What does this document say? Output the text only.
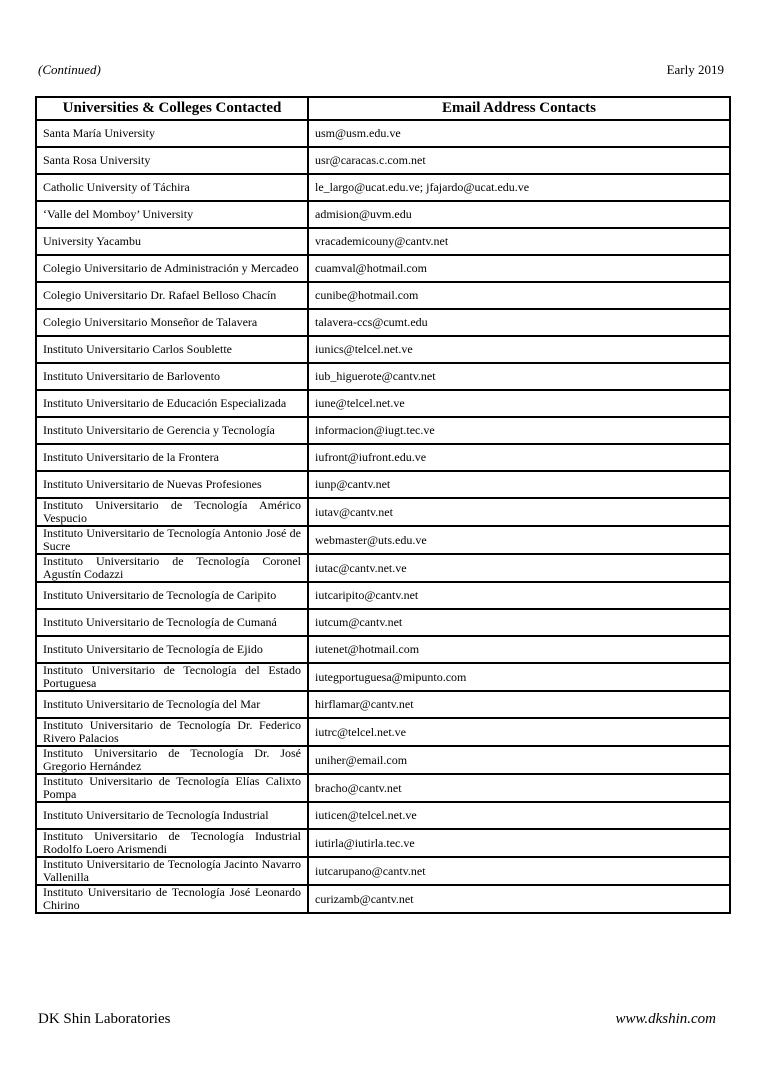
(Continued)	Early 2019
Universities & Colleges Contacted	Email Address Contacts
Santa María University	usm@usm.edu.ve
Santa Rosa University	usr@caracas.c.com.net
Catholic University of Táchira	le_largo@ucat.edu.ve; jfajardo@ucat.edu.ve
‘Valle del Momboy’ University	admision@uvm.edu
University Yacambu	vracademicouny@cantv.net
Colegio Universitario de Administración y Mercadeo	cuamval@hotmail.com
Colegio Universitario Dr. Rafael Belloso Chacín	cunibe@hotmail.com
Colegio Universitario Monseñor de Talavera	talavera-ccs@cumt.edu
Instituto Universitario Carlos Soublette	iunics@telcel.net.ve
Instituto Universitario de Barlovento	iub_higuerote@cantv.net
Instituto Universitario de Educación Especializada	iune@telcel.net.ve
Instituto Universitario de Gerencia y Tecnología	informacion@iugt.tec.ve
Instituto Universitario de la Frontera	iufront@iufront.edu.ve
Instituto Universitario de Nuevas Profesiones	iunp@cantv.net
Instituto Universitario de Tecnología Américo Vespucio	iutav@cantv.net
Instituto Universitario de Tecnología Antonio José de Sucre	webmaster@uts.edu.ve
Instituto Universitario de Tecnología Coronel Agustín Codazzi	iutac@cantv.net.ve
Instituto Universitario de Tecnología de Caripito	iutcaripito@cantv.net
Instituto Universitario de Tecnología de Cumaná	iutcum@cantv.net
Instituto Universitario de Tecnología de Ejido	iutenet@hotmail.com
Instituto Universitario de Tecnología del Estado Portuguesa	iutegportuguesa@mipunto.com
Instituto Universitario de Tecnología del Mar	hirflamar@cantv.net
Instituto Universitario de Tecnología Dr. Federico Rivero Palacios	iutrc@telcel.net.ve
Instituto Universitario de Tecnología Dr. José Gregorio Hernández	uniher@email.com
Instituto Universitario de Tecnología Elías Calixto Pompa	bracho@cantv.net
Instituto Universitario de Tecnología Industrial	iuticen@telcel.net.ve
Instituto Universitario de Tecnología Industrial Rodolfo Loero Arismendi	iutirla@iutirla.tec.ve
Instituto Universitario de Tecnología Jacinto Navarro Vallenilla	iutcarupano@cantv.net
Instituto Universitario de Tecnología José Leonardo Chirino	curizamb@cantv.net
DK Shin Laboratories	www.dkshin.com
